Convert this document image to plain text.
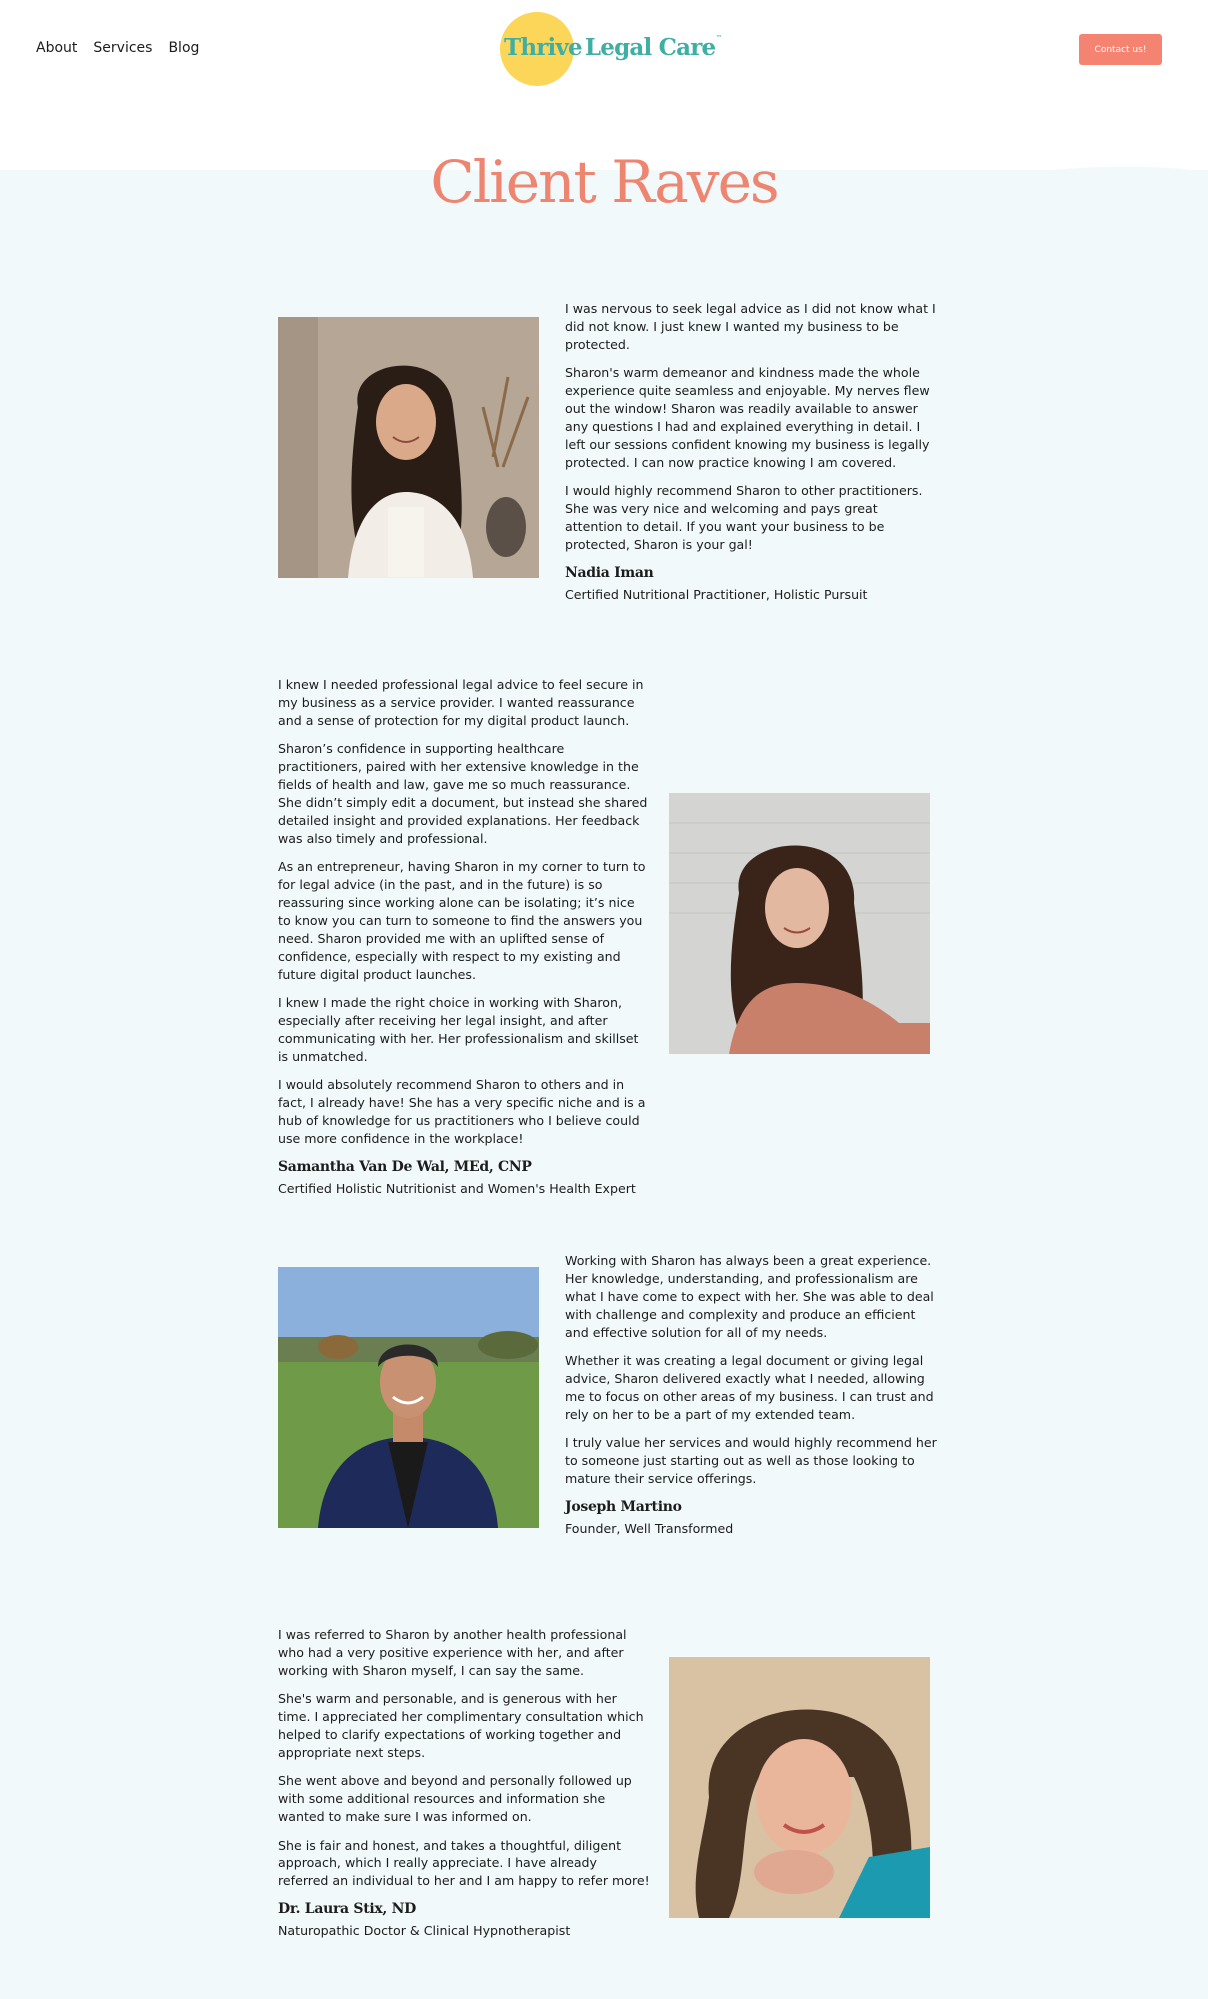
About Services Blog	Thrive Legal Care™
Contact us!
Client Raves

I was nervous to seek legal advice as I did not know what I did not know. I just knew I wanted my business to be protected.

Sharon's warm demeanor and kindness made the whole experience quite seamless and enjoyable. My nerves flew out the window! Sharon was readily available to answer any questions I had and explained everything in detail. I left our sessions confident knowing my business is legally protected. I can now practice knowing I am covered.

I would highly recommend Sharon to other practitioners. She was very nice and welcoming and pays great attention to detail. If you want your business to be protected, Sharon is your gal!

Nadia Iman
Certified Nutritional Practitioner, Holistic Pursuit

I knew I needed professional legal advice to feel secure in my business as a service provider. I wanted reassurance and a sense of protection for my digital product launch.

Sharon’s confidence in supporting healthcare practitioners, paired with her extensive knowledge in the fields of health and law, gave me so much reassurance. She didn’t simply edit a document, but instead she shared detailed insight and provided explanations. Her feedback was also timely and professional.

As an entrepreneur, having Sharon in my corner to turn to for legal advice (in the past, and in the future) is so reassuring since working alone can be isolating; it’s nice to know you can turn to someone to find the answers you need. Sharon provided me with an uplifted sense of confidence, especially with respect to my existing and future digital product launches.

I knew I made the right choice in working with Sharon, especially after receiving her legal insight, and after communicating with her. Her professionalism and skillset is unmatched.

I would absolutely recommend Sharon to others and in fact, I already have! She has a very specific niche and is a hub of knowledge for us practitioners who I believe could use more confidence in the workplace!

Samantha Van De Wal, MEd, CNP
Certified Holistic Nutritionist and Women's Health Expert

Working with Sharon has always been a great experience. Her knowledge, understanding, and professionalism are what I have come to expect with her. She was able to deal with challenge and complexity and produce an efficient and effective solution for all of my needs.

Whether it was creating a legal document or giving legal advice, Sharon delivered exactly what I needed, allowing me to focus on other areas of my business. I can trust and rely on her to be a part of my extended team.

I truly value her services and would highly recommend her to someone just starting out as well as those looking to mature their service offerings.

Joseph Martino
Founder, Well Transformed

I was referred to Sharon by another health professional who had a very positive experience with her, and after working with Sharon myself, I can say the same.

She's warm and personable, and is generous with her time. I appreciated her complimentary consultation which helped to clarify expectations of working together and appropriate next steps.

She went above and beyond and personally followed up with some additional resources and information she wanted to make sure I was informed on.

She is fair and honest, and takes a thoughtful, diligent approach, which I really appreciate. I have already referred an individual to her and I am happy to refer more!

Dr. Laura Stix, ND
Naturopathic Doctor & Clinical Hypnotherapist
